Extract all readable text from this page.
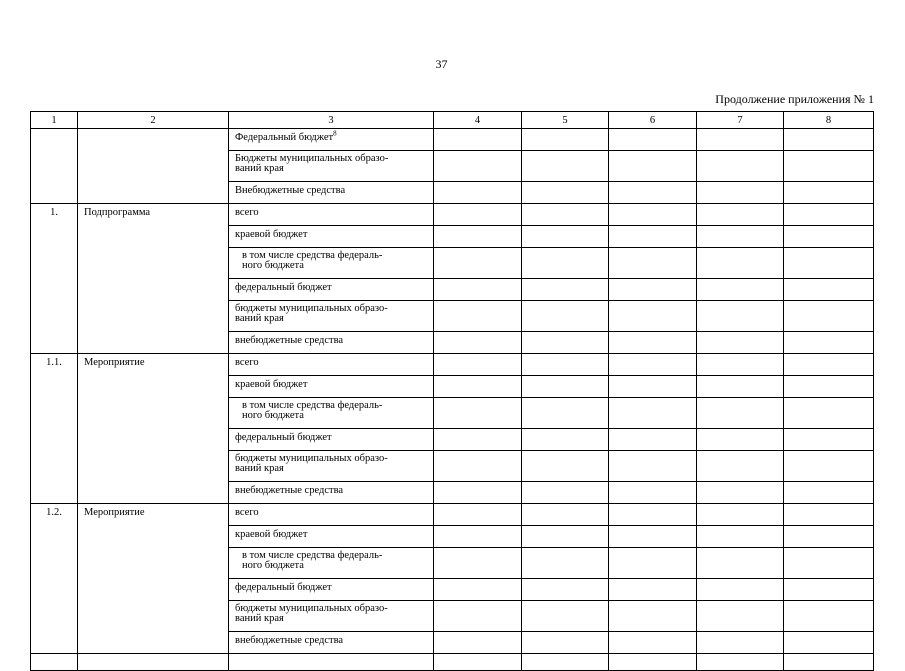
37
Продолжение приложения № 1
1	2	3	4	5	6	7	8
		Федеральный бюджет$^8$					
		Бюджеты муниципальных образо-
ваний края					
		Внебюджетные средства					
1.	Подпрограмма	всего					
		краевой бюджет					
		в том числе средства федераль-
ного бюджета					
		федеральный бюджет					
		бюджеты муниципальных образо-
ваний края					
		внебюджетные средства					
1.1.	Мероприятие	всего					
		краевой бюджет					
		в том числе средства федераль-
ного бюджета					
		федеральный бюджет					
		бюджеты муниципальных образо-
ваний края					
		внебюджетные средства					
1.2.	Мероприятие	всего					
		краевой бюджет					
		в том числе средства федераль-
ного бюджета					
		федеральный бюджет					
		бюджеты муниципальных образо-
ваний края					
		внебюджетные средства					
